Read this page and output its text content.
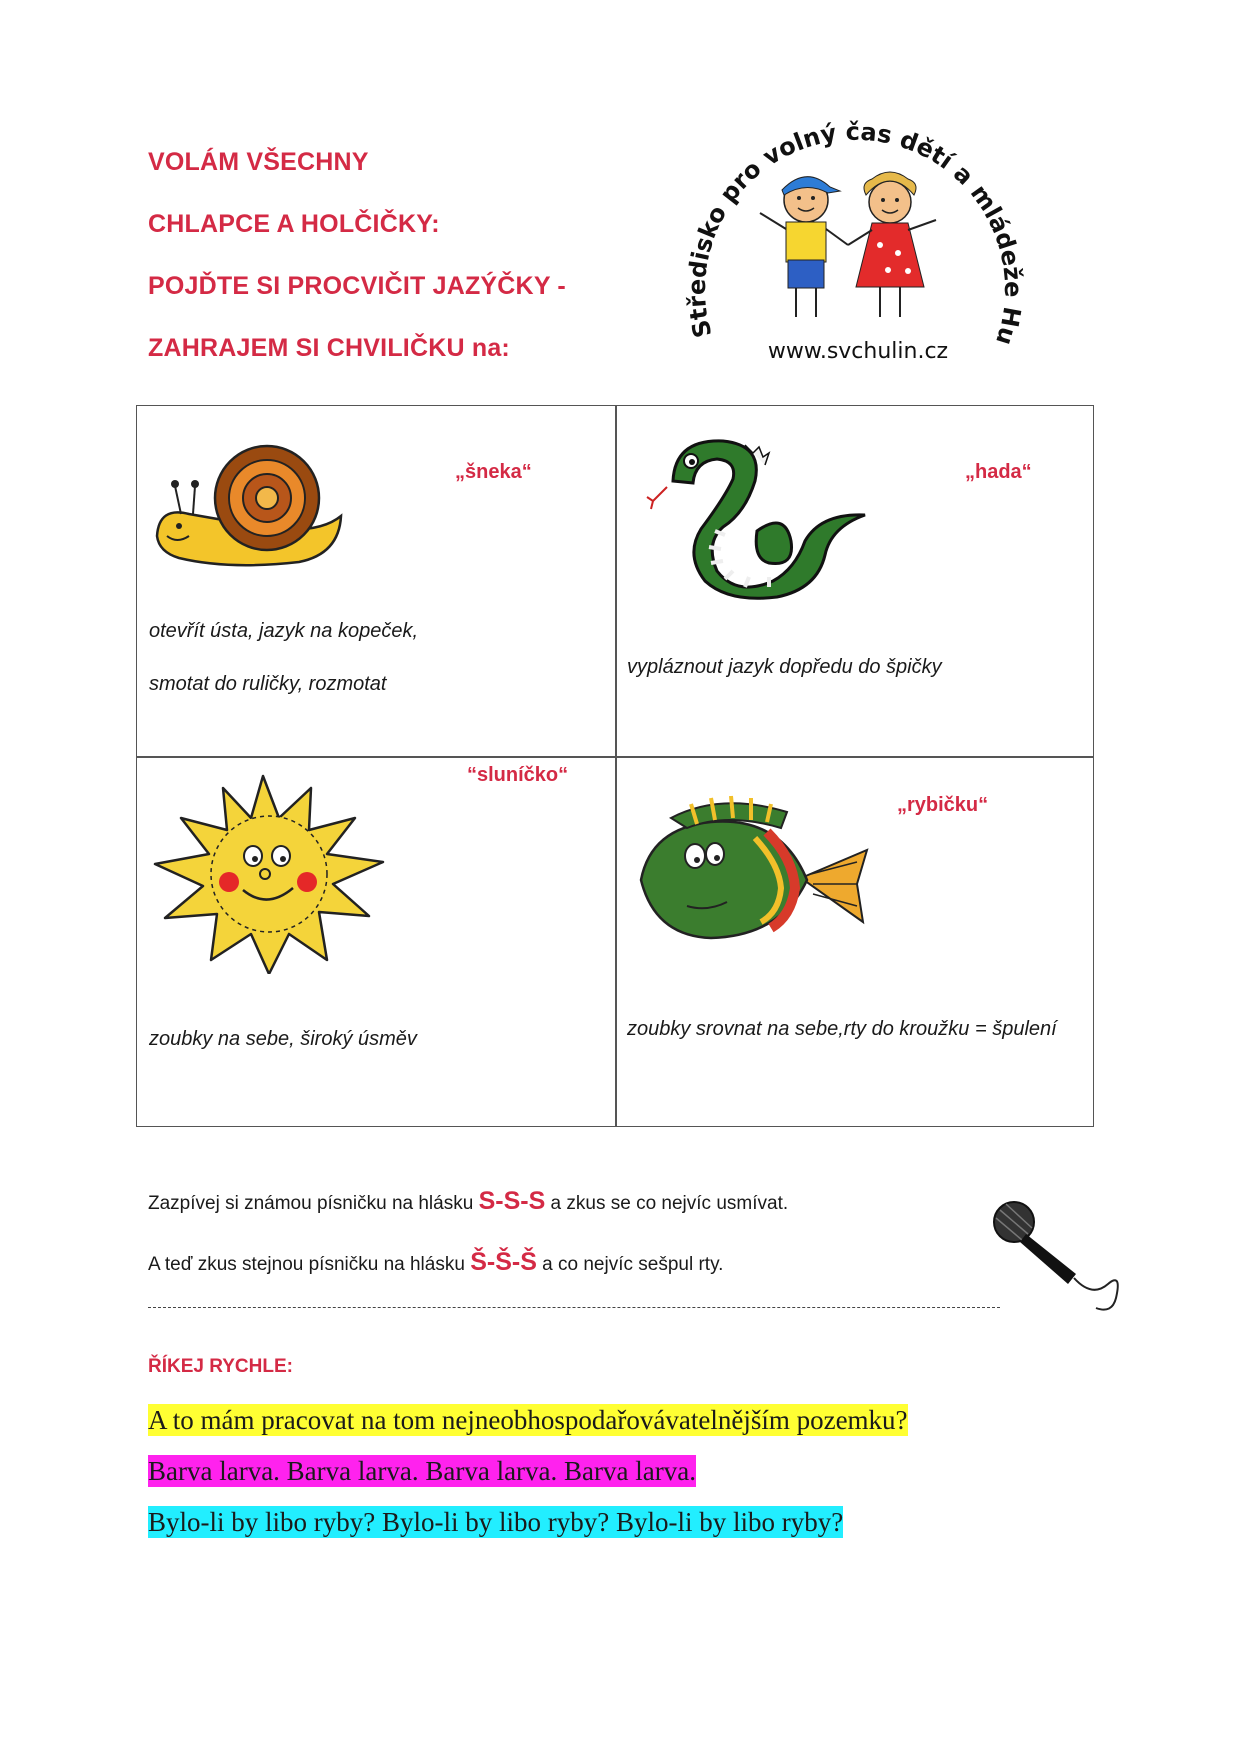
VOLÁM VŠECHNY

CHLAPCE A HOLČIČKY:

POJĎTE SI PROCVIČIT JAZÝČKY -

ZAHRAJEM SI CHVILIČKU na:

Středisko pro volný čas dětí a mládeže Hu
www.svchulin.cz

„šneka“

otevřít ústa, jazyk na kopeček,

smotat do ruličky, rozmotat

„hada“

vypláznout jazyk dopředu do špičky

“sluníčko“

zoubky na sebe, široký úsměv

„rybičku“

zoubky srovnat na sebe,rty do kroužku = špulení

Zazpívej si známou písničku na hlásku S-S-S a zkus se co nejvíc usmívat.

A teď zkus stejnou písničku na hlásku Š-Š-Š a co nejvíc sešpul rty.

ŘÍKEJ RYCHLE:

A to mám pracovat na tom nejneobhospodařovávatelnějším pozemku?

Barva larva. Barva larva. Barva larva. Barva larva.

Bylo-li by libo ryby? Bylo-li by libo ryby? Bylo-li by libo ryby?
